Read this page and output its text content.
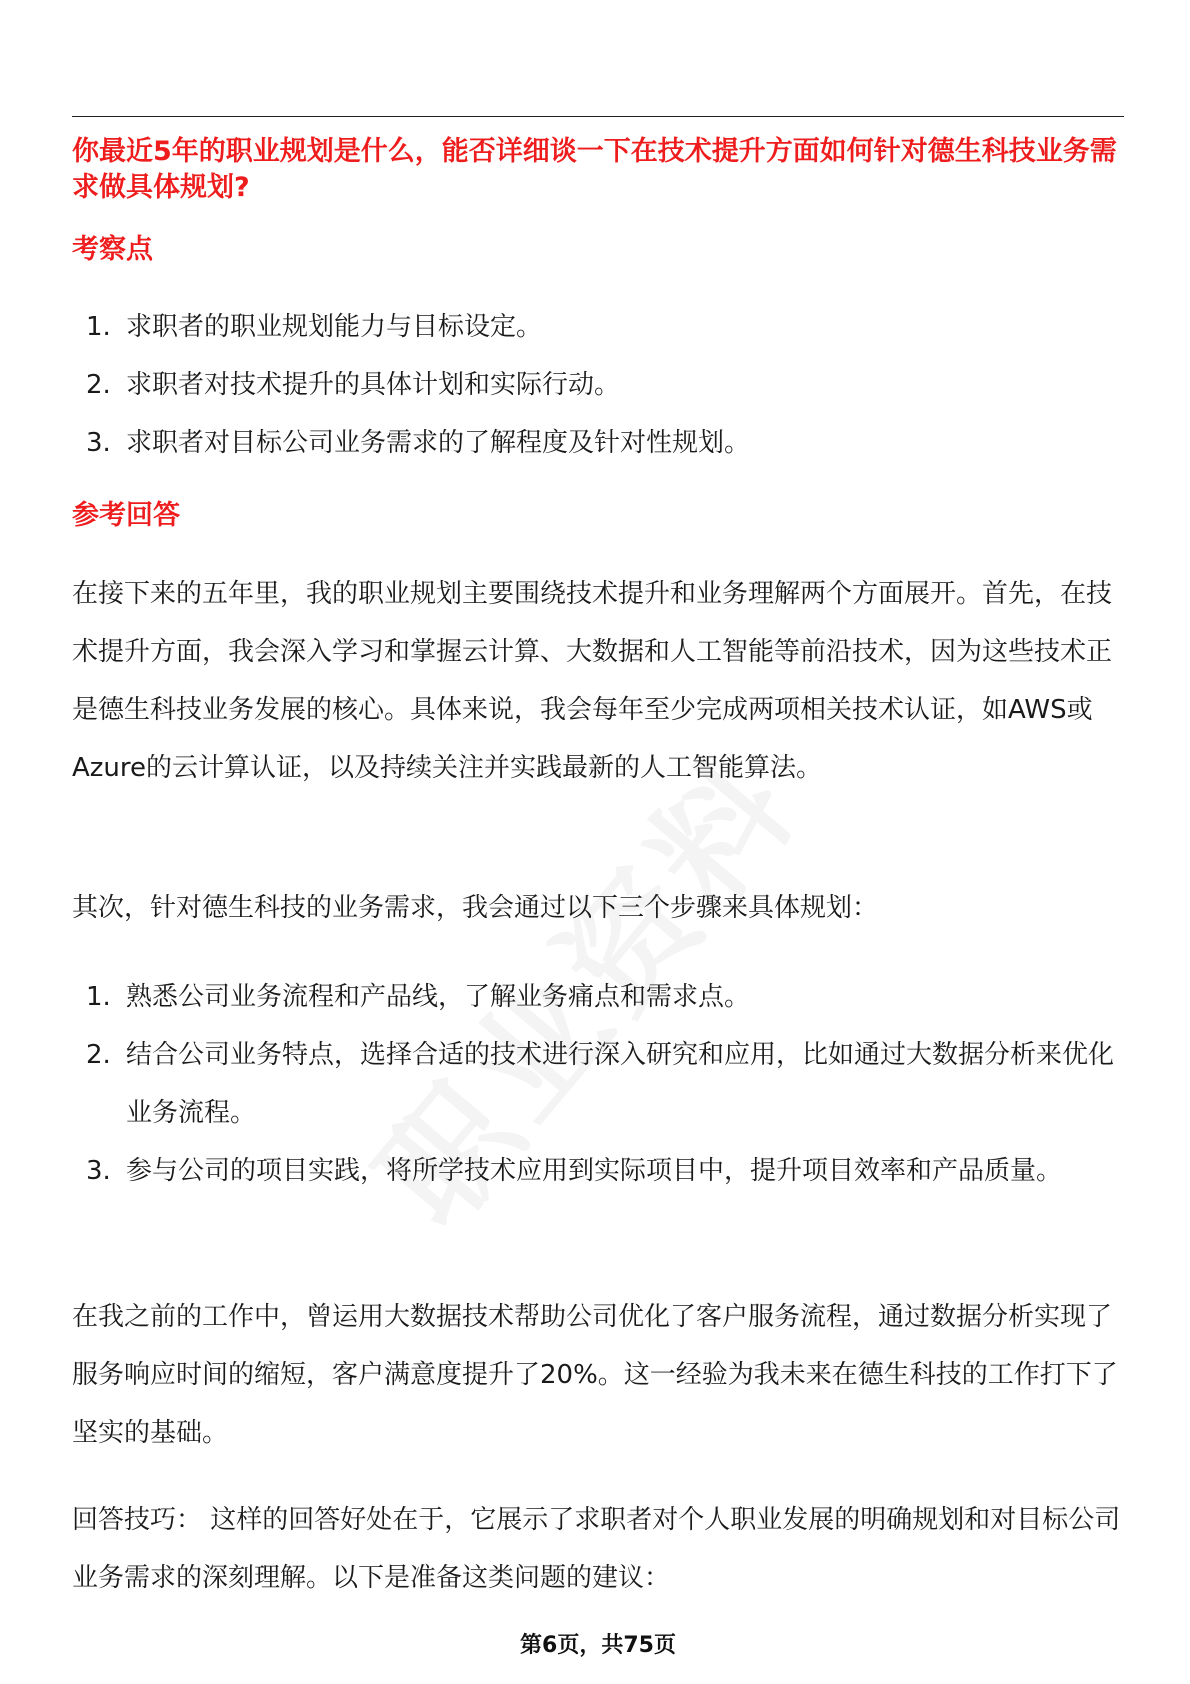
你最近5年的职业规划是什么，能否详细谈一下在技术提升方面如何针对德生科技业务需求做具体规划?

考察点

1. 求职者的职业规划能力与目标设定。
2. 求职者对技术提升的具体计划和实际行动。
3. 求职者对目标公司业务需求的了解程度及针对性规划。

参考回答

在接下来的五年里，我的职业规划主要围绕技术提升和业务理解两个方面展开。首先，在技术提升方面，我会深入学习和掌握云计算、大数据和人工智能等前沿技术，因为这些技术正是德生科技业务发展的核心。具体来说，我会每年至少完成两项相关技术认证，如AWS或Azure的云计算认证，以及持续关注并实践最新的人工智能算法。

其次，针对德生科技的业务需求，我会通过以下三个步骤来具体规划：

1. 熟悉公司业务流程和产品线，了解业务痛点和需求点。
2. 结合公司业务特点，选择合适的技术进行深入研究和应用，比如通过大数据分析来优化业务流程。
3. 参与公司的项目实践，将所学技术应用到实际项目中，提升项目效率和产品质量。

在我之前的工作中，曾运用大数据技术帮助公司优化了客户服务流程，通过数据分析实现了服务响应时间的缩短，客户满意度提升了20%。这一经验为我未来在德生科技的工作打下了坚实的基础。

回答技巧： 这样的回答好处在于，它展示了求职者对个人职业发展的明确规划和对目标公司业务需求的深刻理解。以下是准备这类问题的建议：

第6页，共75页
